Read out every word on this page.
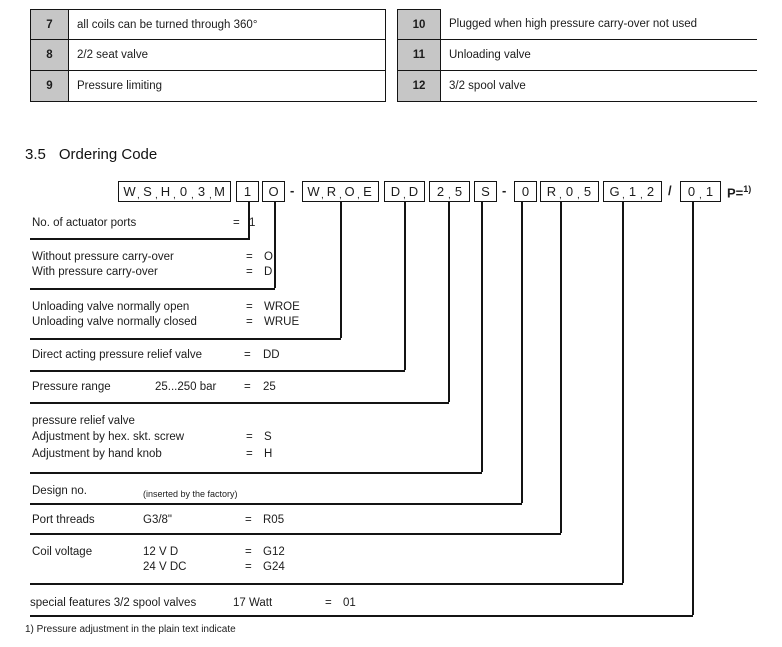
7	all coils can be turned through 360°
8	2/2 seat valve
9	Pressure limiting
10	Plugged when high pressure carry-over not used
11	Unloading valve
12	3/2 spool valve
3.5 Ordering Code
W , S , H , 0 , 3 , M	1	O - W , R , O , E	D , D	2 , 5	S -	0	R , 0 , 5	G , 1 , 2	/	0 , 1	P=$^{1)}$
No. of actuator ports	= 1
Without pressure carry-over	= O
With pressure carry-over	= D
Unloading valve normally open	= WROE
Unloading valve normally closed	= WRUE
Direct acting pressure relief valve	= DD
Pressure range	25...250 bar = 25
pressure relief valve
Adjustment by hex. skt. screw	= S
Adjustment by hand knob	= H
Design no.	(inserted by the factory)
Port threads	G3/8"	= R05
Coil voltage	12 V D	= G12
24 V DC	= G24
special features 3/2 spool valves	17 Watt	= 01
1) Pressure adjustment in the plain text indicate
